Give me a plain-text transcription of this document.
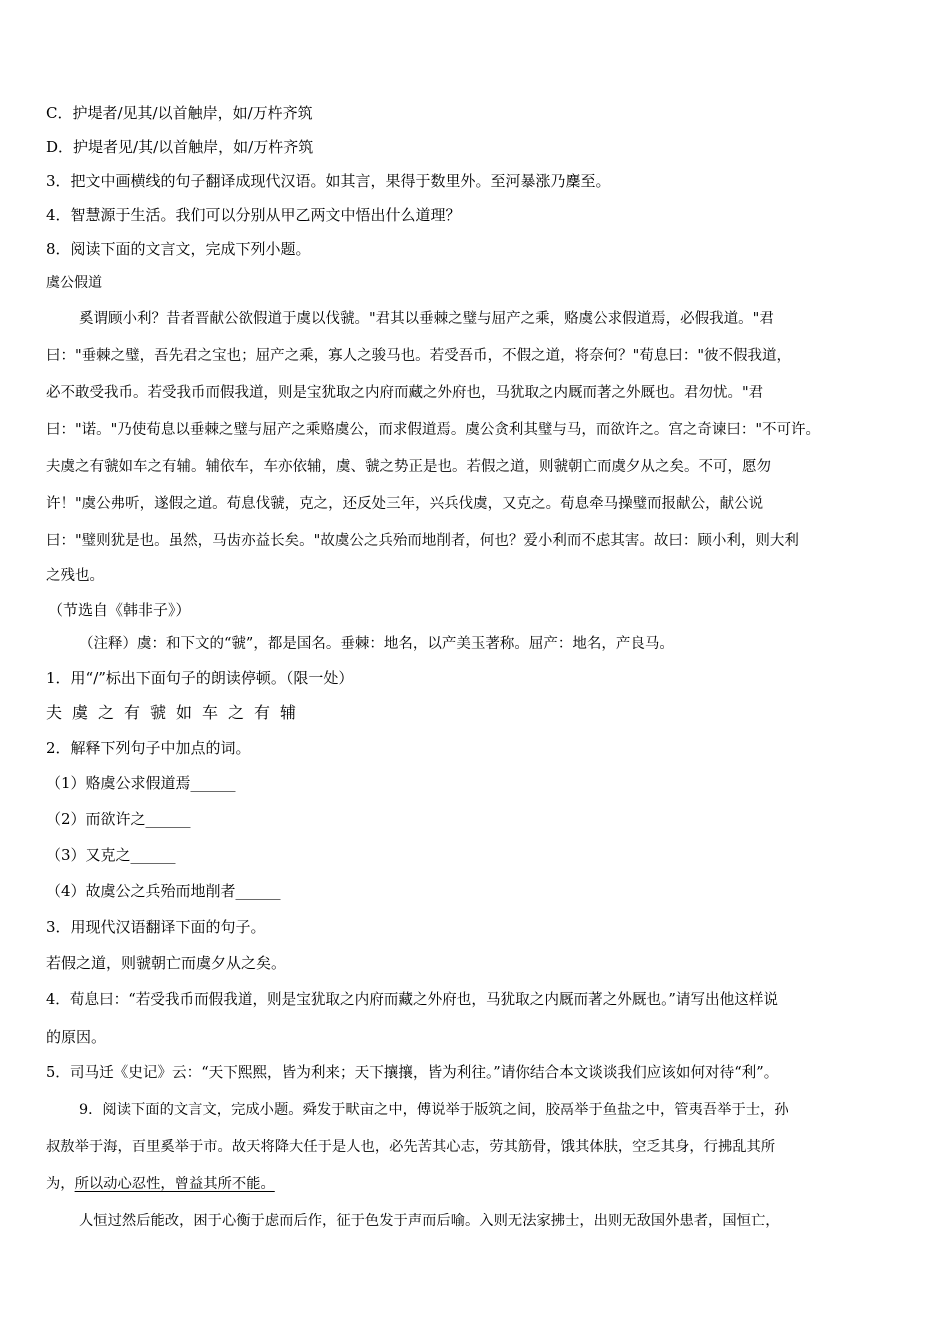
C．护堤者/见其/以首触岸，如/万杵齐筑
D．护堤者见/其/以首触岸，如/万杵齐筑
3．把文中画横线的句子翻译成现代汉语。如其言，果得于数里外。至河暴涨乃麇至。
4．智慧源于生活。我们可以分别从甲乙两文中悟出什么道理？
8．阅读下面的文言文，完成下列小题。
虞公假道
奚谓顾小利？昔者晋献公欲假道于虞以伐虢。"君其以垂棘之璧与屈产之乘，赂虞公求假道焉，必假我道。"君
曰："垂棘之璧，吾先君之宝也；屈产之乘，寡人之骏马也。若受吾币，不假之道，将奈何？"荀息曰："彼不假我道，
必不敢受我币。若受我币而假我道，则是宝犹取之内府而藏之外府也，马犹取之内厩而著之外厩也。君勿忧。"君
曰："诺。"乃使荀息以垂棘之璧与屈产之乘赂虞公，而求假道焉。虞公贪利其璧与马，而欲许之。宫之奇谏曰："不可许。
夫虞之有虢如车之有辅。辅依车，车亦依辅，虞、虢之势正是也。若假之道，则虢朝亡而虞夕从之矣。不可，愿勿
许！"虞公弗听，遂假之道。荀息伐虢，克之，还反处三年，兴兵伐虞，又克之。荀息牵马操璧而报献公，献公说
曰："璧则犹是也。虽然，马齿亦益长矣。"故虞公之兵殆而地削者，何也？爱小利而不虑其害。故曰：顾小利，则大利
之残也。
（节选自《韩非子》）
（注释）虞：和下文的“虢”，都是国名。垂棘：地名，以产美玉著称。屈产：地名，产良马。
1．用“/”标出下面句子的朗读停顿。（限一处）
夫虞之有虢如车之有辅
2．解释下列句子中加点的词。
（1）赂虞公求假道焉______
（2）而欲许之______
（3）又克之______
（4）故虞公之兵殆而地削者______
3．用现代汉语翻译下面的句子。
若假之道，则虢朝亡而虞夕从之矣。
4．荀息曰：“若受我币而假我道，则是宝犹取之内府而藏之外府也，马犹取之内厩而著之外厩也。”请写出他这样说
的原因。
5．司马迁《史记》云：“天下熙熙，皆为利来；天下攘攘，皆为利往。”请你结合本文谈谈我们应该如何对待“利”。
9．阅读下面的文言文，完成小题。舜发于畎亩之中，傅说举于版筑之间，胶鬲举于鱼盐之中，管夷吾举于士，孙
叔敖举于海，百里奚举于市。故天将降大任于是人也，必先苦其心志，劳其筋骨，饿其体肤，空乏其身，行拂乱其所
为， 所以动心忍性，曾益其所不能。
人恒过然后能改，困于心衡于虑而后作，征于色发于声而后喻。入则无法家拂士，出则无敌国外患者，国恒亡，
